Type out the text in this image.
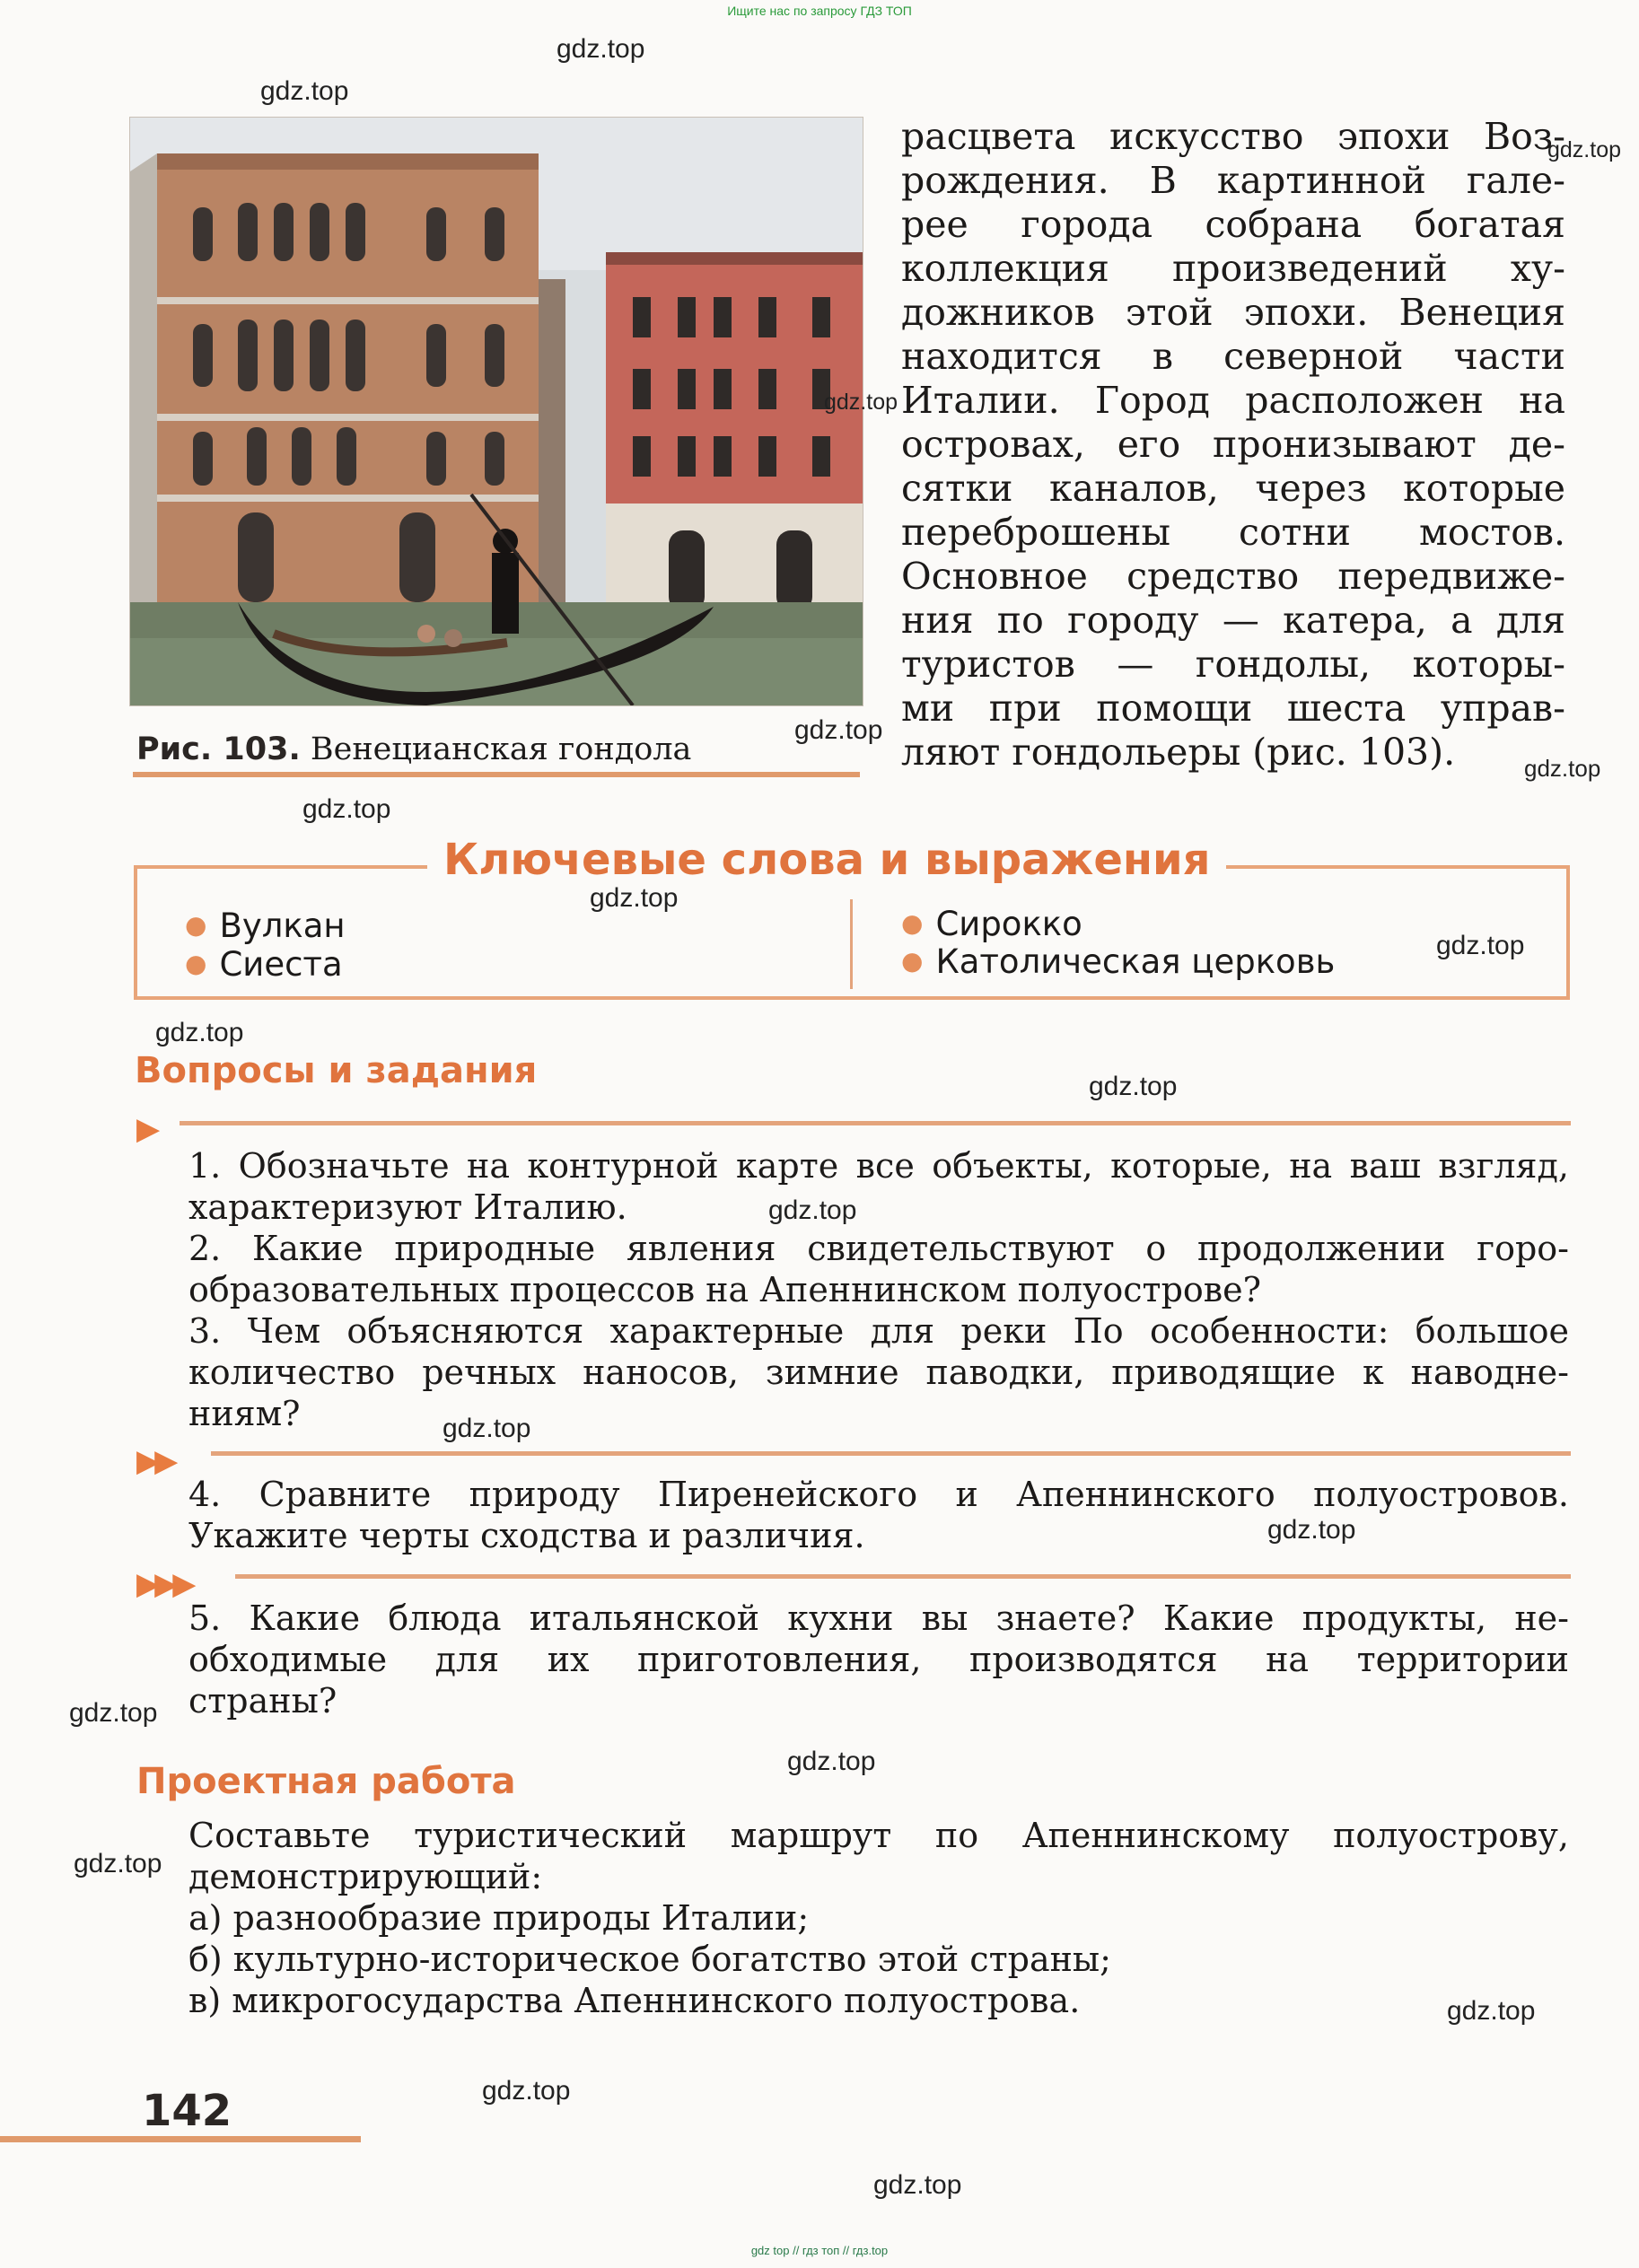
Ищите нас по запросу ГДЗ ТОП
Рис. 103. Венецианская гондола
расцвета искусство эпохи Воз-
рождения. В картинной гале-
рее города собрана богатая
коллекция произведений ху-
дожников этой эпохи. Венеция
находится в северной части
Италии. Город расположен на
островах, его пронизывают де-
сятки каналов, через которые
переброшены сотни мостов.
Основное средство передвиже-
ния по городу — катера, а для
туристов — гондолы, которы-
ми при помощи шеста управ-
ляют гондольеры (рис. 103).
Ключевые слова и выражения
● Вулкан
● Сиеста
● Сирокко
● Католическая церковь
Вопросы и задания
▶
1. Обозначьте на контурной карте все объекты, которые, на ваш взгляд,
характеризуют Италию.
2. Какие природные явления свидетельствуют о продолжении горо-
образовательных процессов на Апеннинском полуострове?
3. Чем объясняются характерные для реки По особенности: большое
количество речных наносов, зимние паводки, приводящие к наводне-
ниям?
▶▶
4. Сравните природу Пиренейского и Апеннинского полуостровов.
Укажите черты сходства и различия.
▶▶▶
5. Какие блюда итальянской кухни вы знаете? Какие продукты, не-
обходимые для их приготовления, производятся на территории
страны?
Проектная работа
Составьте туристический маршрут по Апеннинскому полуострову,
демонстрирующий:
а) разнообразие природы Италии;
б) культурно-историческое богатство этой страны;
в) микрогосударства Апеннинского полуострова.
142
gdz.top
gdz.top
gdz.top
gdz.top
gdz.top
gdz.top
gdz.top
gdz.top
gdz.top
gdz.top
gdz.top
gdz.top
gdz.top
gdz.top
gdz.top
gdz.top
gdz.top
gdz.top
gdz.top
gdz.top
gdz top // гдз топ // гдз.top
